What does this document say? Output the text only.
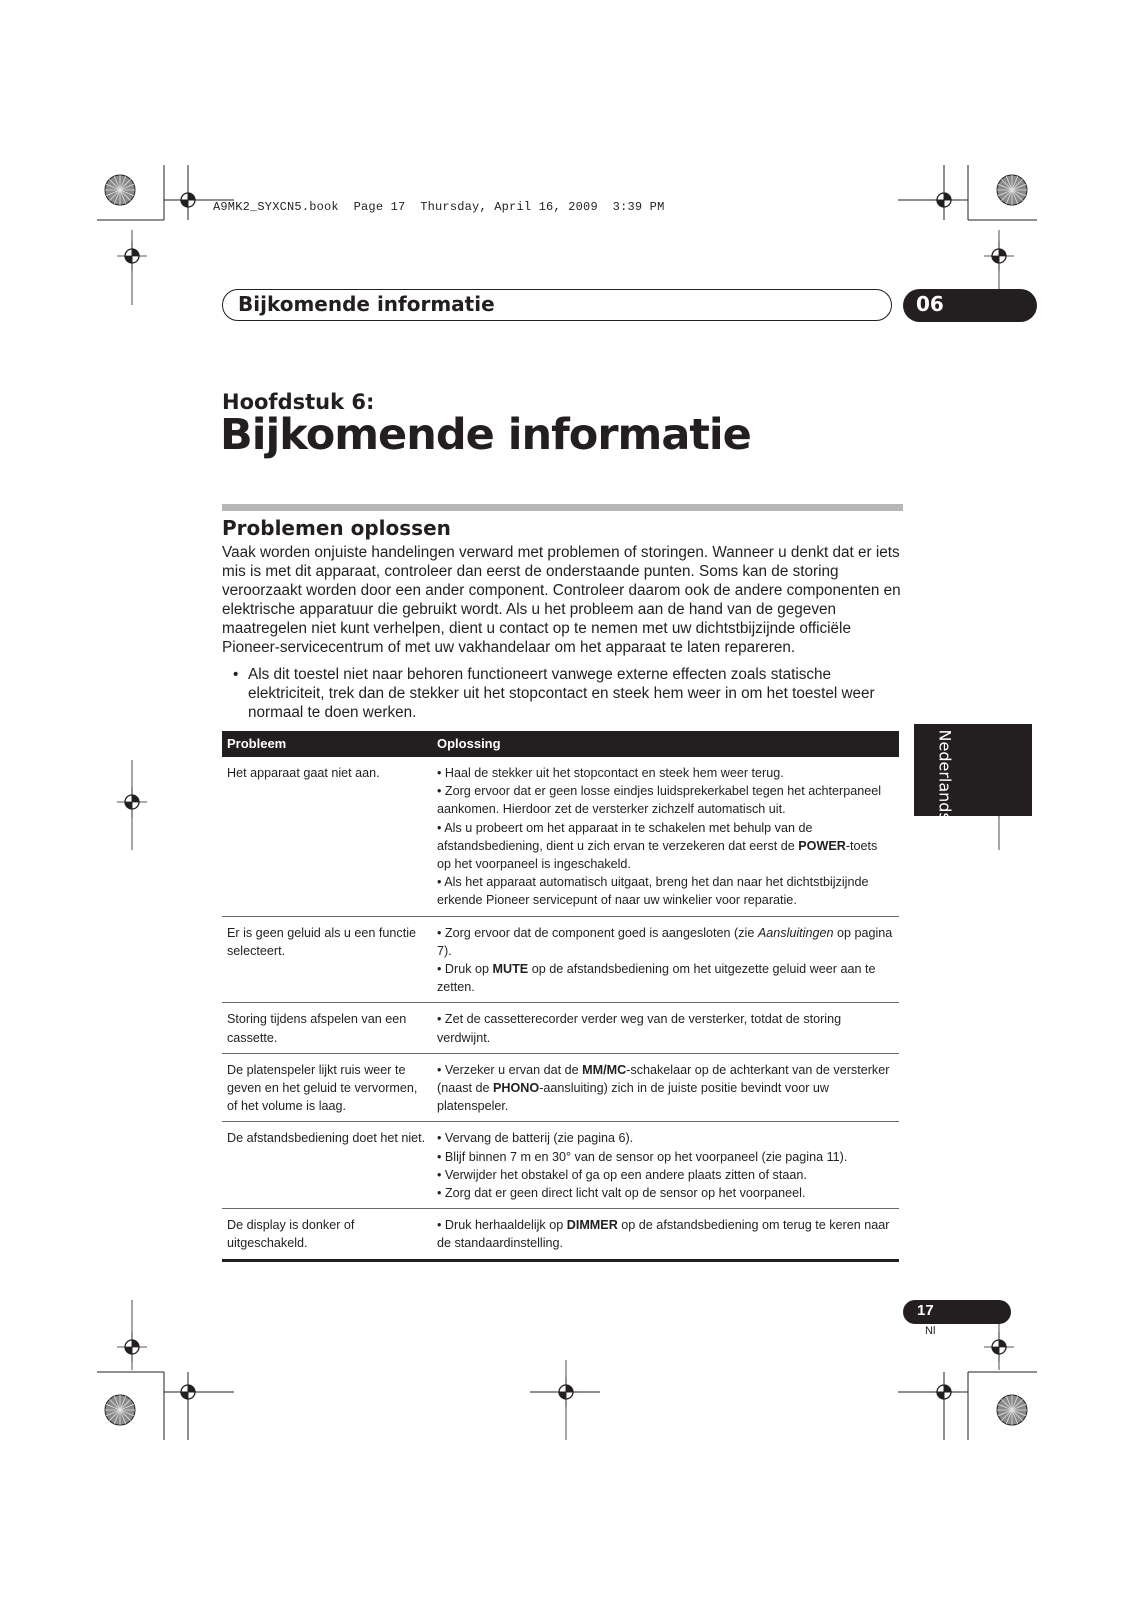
A9MK2_SYXCN5.book  Page 17  Thursday, April 16, 2009  3:39 PM
Bijkomende informatie	06
Hoofdstuk 6:
Bijkomende informatie
Problemen oplossen

Vaak worden onjuiste handelingen verward met problemen of storingen. Wanneer u denkt dat er iets mis is met dit apparaat, controleer dan eerst de onderstaande punten. Soms kan de storing veroorzaakt worden door een ander component. Controleer daarom ook de andere componenten en elektrische apparatuur die gebruikt wordt. Als u het probleem aan de hand van de gegeven maatregelen niet kunt verhelpen, dient u contact op te nemen met uw dichtstbijzijnde officiële Pioneer-servicecentrum of met uw vakhandelaar om het apparaat te laten repareren.

• Als dit toestel niet naar behoren functioneert vanwege externe effecten zoals statische elektriciteit, trek dan de stekker uit het stopcontact en steek hem weer in om het toestel weer normaal te doen werken.
Nederlands
Probleem	Oplossing
Het apparaat gaat niet aan.	• Haal de stekker uit het stopcontact en steek hem weer terug.
• Zorg ervoor dat er geen losse eindjes luidsprekerkabel tegen het achterpaneel aankomen. Hierdoor zet de versterker zichzelf automatisch uit.
• Als u probeert om het apparaat in te schakelen met behulp van de afstandsbediening, dient u zich ervan te verzekeren dat eerst de POWER-toets op het voorpaneel is ingeschakeld.
• Als het apparaat automatisch uitgaat, breng het dan naar het dichtstbijzijnde erkende Pioneer servicepunt of naar uw winkelier voor reparatie.

Er is geen geluid als u een functie selecteert.	• Zorg ervoor dat de component goed is aangesloten (zie Aansluitingen op pagina 7).
• Druk op MUTE op de afstandsbediening om het uitgezette geluid weer aan te zetten.

Storing tijdens afspelen van een cassette.	• Zet de cassetterecorder verder weg van de versterker, totdat de storing verdwijnt.

De platenspeler lijkt ruis weer te geven en het geluid te vervormen, of het volume is laag.	• Verzeker u ervan dat de MM/MC-schakelaar op de achterkant van de versterker (naast de PHONO-aansluiting) zich in de juiste positie bevindt voor uw platenspeler.

De afstandsbediening doet het niet.	• Vervang de batterij (zie pagina 6).
• Blijf binnen 7 m en 30° van de sensor op het voorpaneel (zie pagina 11).
• Verwijder het obstakel of ga op een andere plaats zitten of staan.
• Zorg dat er geen direct licht valt op de sensor op het voorpaneel.

De display is donker of uitgeschakeld.	• Druk herhaaldelijk op DIMMER op de afstandsbediening om terug te keren naar de standaardinstelling.
17
Nl
